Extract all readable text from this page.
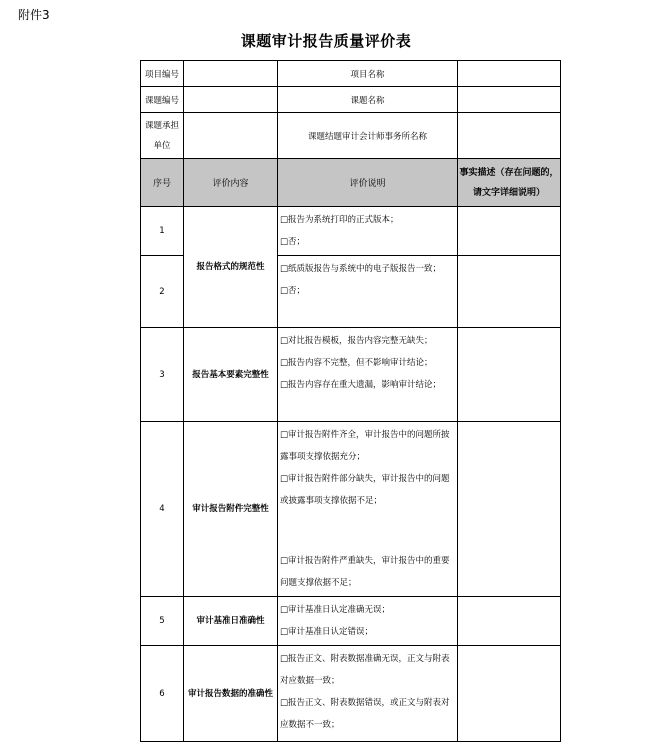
附件3
课题审计报告质量评价表
项目编号		项目名称	
课题编号		课题名称	
课题承担单位		课题结题审计会计师事务所名称	
序号	评价内容	评价说明	事实描述（存在问题的，请文字详细说明）
1	报告格式的规范性	□报告为系统打印的正式版本；
□否；	

2		□纸质版报告与系统中的电子版报告一致；
□否；	

3	报告基本要素完整性	□对比报告模板，报告内容完整无缺失；
□报告内容不完整，但不影响审计结论；
□报告内容存在重大遗漏，影响审计结论；	

4	审计报告附件完整性	□审计报告附件齐全，审计报告中的问题所披露事项支撑依据充分；
□审计报告附件部分缺失，审计报告中的问题或披露事项支撑依据不足；
□审计报告附件严重缺失，审计报告中的重要问题支撑依据不足；	

5	审计基准日准确性	□审计基准日认定准确无误；
□审计基准日认定错误；	

6	审计报告数据的准确性	□报告正文、附表数据准确无误，正文与附表对应数据一致；
□报告正文、附表数据错误，或正文与附表对应数据不一致；	
